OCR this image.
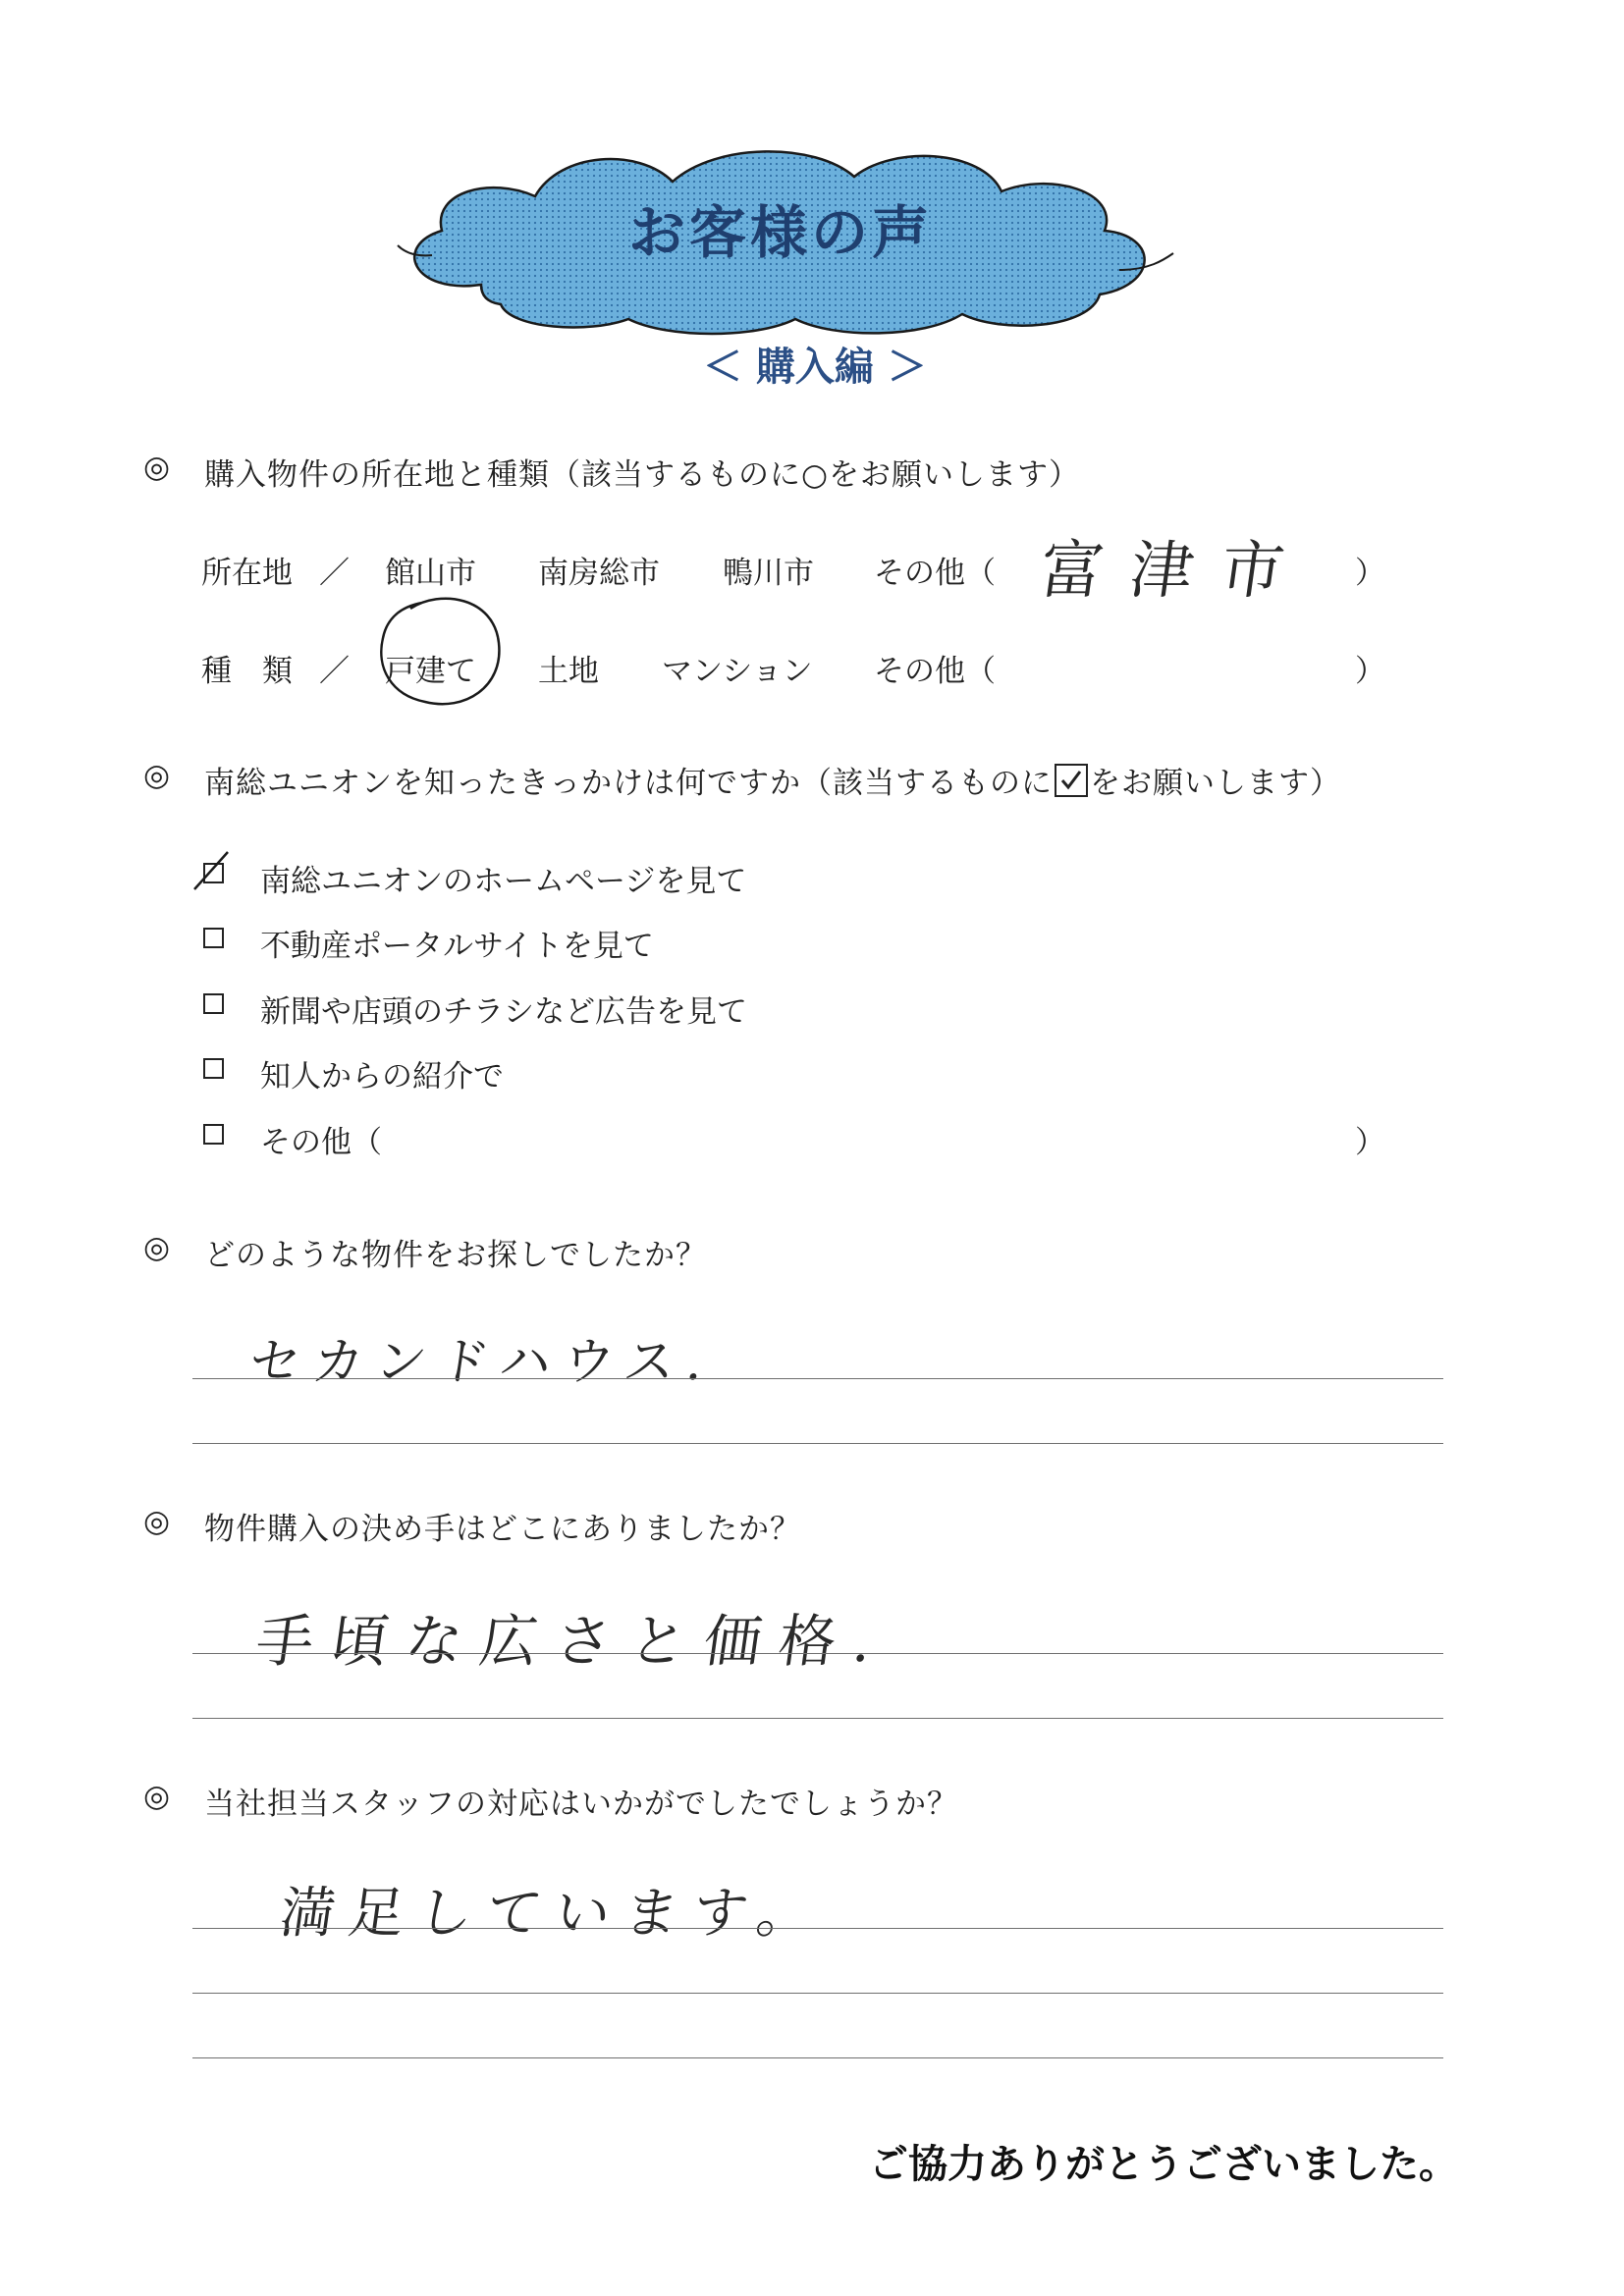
お客様の声
＜ 購入編 ＞
◎ 購入物件の所在地と種類（該当するものに○をお願いします）
所在地 ／ 館山市 南房総市 鴨川市 その他（ 富津市 ）
種　類 ／ 戸建て 土地 マンション その他（	）
◎ 南総ユニオンを知ったきっかけは何ですか（該当するものに をお願いします）
南総ユニオンのホームページを見て
不動産ポータルサイトを見て
新聞や店頭のチラシなど広告を見て
知人からの紹介で
その他（	）
◎ どのような物件をお探しでしたか？
セカンドハウス.
◎ 物件購入の決め手はどこにありましたか？
手頃な広さと価格.
◎ 当社担当スタッフの対応はいかがでしたでしょうか？
満足しています。
ご協力ありがとうございました。
